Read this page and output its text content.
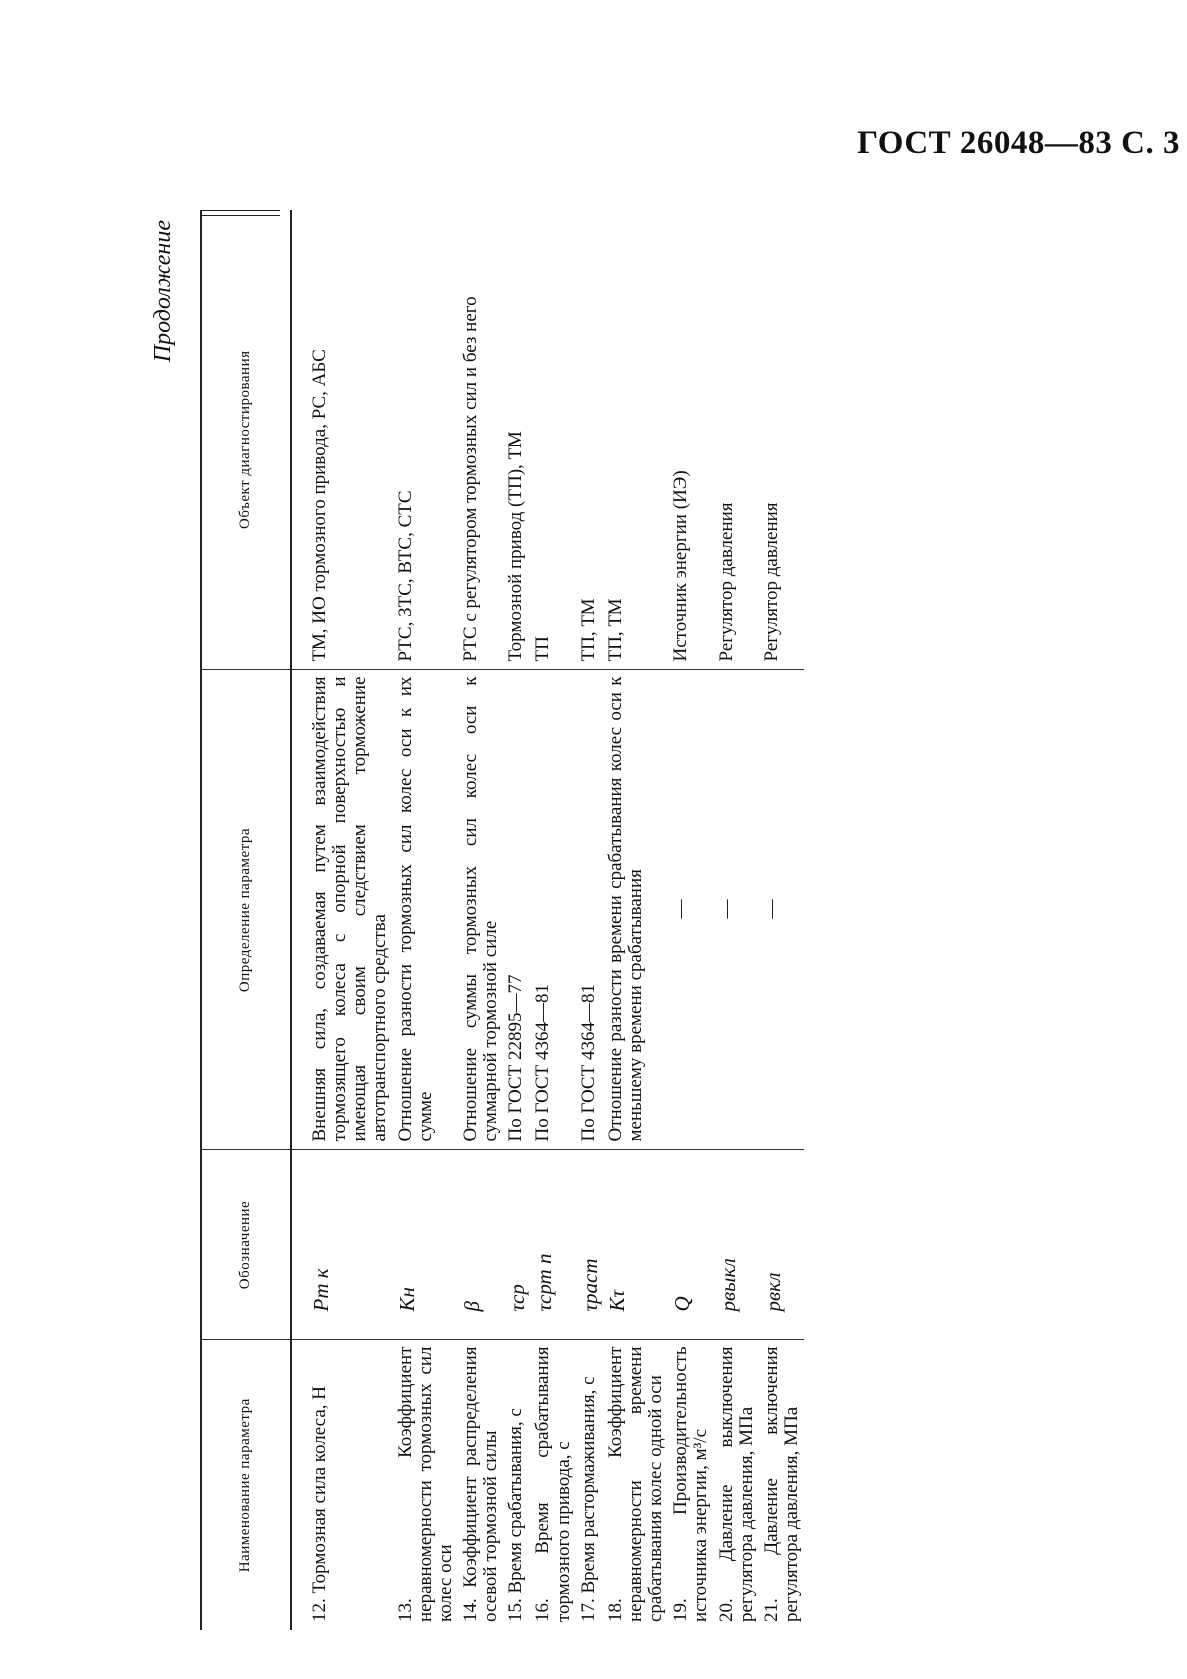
ГОСТ 26048—83 С. 3
Продолжение
Наименование параметра	Обозначение	Определение параметра	Объект диагностирования
12. Тормозная сила колеса, Н	Pт к	Внешняя сила, создаваемая путем взаимодействия тормозящего колеса с опорной поверхностью и имеющая своим следствием торможение автотранспортного средства	ТМ, ИО тормозного привода, РС, АБС
13. Коэффициент неравномерности тормозных сил колес оси	Kн	Отношение разности тормозных сил колес оси к их сумме	РТС, ЗТС, ВТС, СТС
14. Коэффициент распределения осевой тормозной силы	β	Отношение суммы тормозных сил колес оси к суммарной тормозной силе	РТС с регулятором тормозных сил и без него
15. Время срабатывания, с	τср	По ГОСТ 22895—77	Тормозной привод (ТП), ТМ
16. Время срабатывания тормозного привода, с	τсрт п	По ГОСТ 4364—81	ТП
17. Время растормаживания, с	τраст	По ГОСТ 4364—81	ТП, ТМ
18. Коэффициент неравномерности времени срабатывания колес одной оси	Kτ	Отношение разности времени срабатывания колес оси к меньшему времени срабатывания	ТП, ТМ
19. Производительность источника энергии, м³/с	Q	—	Источник энергии (ИЭ)
20. Давление выключения регулятора давления, МПа	pвыкл	—	Регулятор давления
21. Давление включения регулятора давления, МПа	pвкл	—	Регулятор давления
